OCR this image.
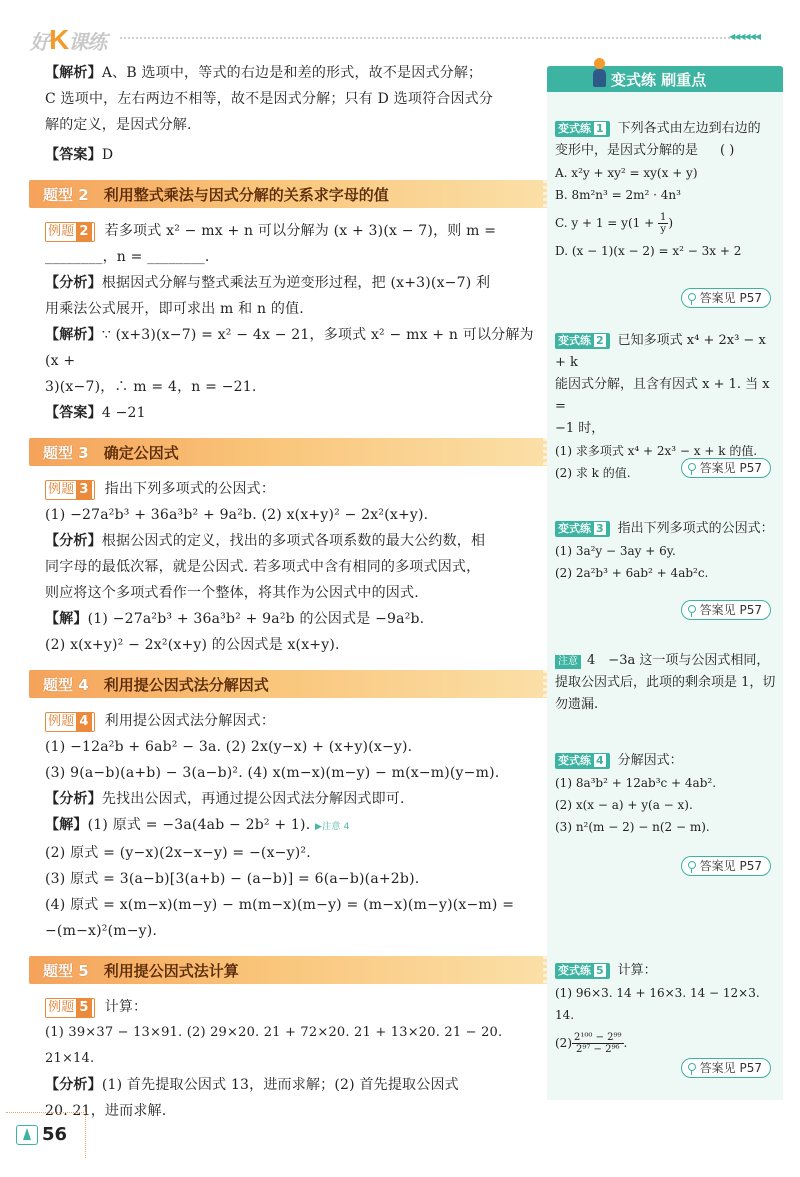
好K课练	◀◀◀◀◀◀
【解析】A、B 选项中，等式的右边是和差的形式，故不是因式分解；
C 选项中，左右两边不相等，故不是因式分解；只有 D 选项符合因式分
解的定义，是因式分解.
【答案】D
题型 2　 利用整式乘法与因式分解的关系求字母的值
例题 2 若多项式 x² − mx + n 可以分解为 (x + 3)(x − 7)，则 m =
________，n = ________.
【分析】根据因式分解与整式乘法互为逆变形过程，把 (x+3)(x−7) 利
用乘法公式展开，即可求出 m 和 n 的值.
【解析】∵ (x+3)(x−7) = x² − 4x − 21，多项式 x² − mx + n 可以分解为 (x +
3)(x−7)，∴ m = 4，n = −21.
【答案】4 −21
题型 3　 确定公因式
例题 3 指出下列多项式的公因式：
(1) −27a²b³ + 36a³b² + 9a²b. (2) x(x+y)² − 2x²(x+y).
【分析】根据公因式的定义，找出的多项式各项系数的最大公约数，相
同字母的最低次幂，就是公因式. 若多项式中含有相同的多项式因式，
则应将这个多项式看作一个整体，将其作为公因式中的因式.
【解】(1) −27a²b³ + 36a³b² + 9a²b 的公因式是 −9a²b.
(2) x(x+y)² − 2x²(x+y) 的公因式是 x(x+y).
题型 4　 利用提公因式法分解因式
例题 4 利用提公因式法分解因式：
(1) −12a²b + 6ab² − 3a. (2) 2x(y−x) + (x+y)(x−y).
(3) 9(a−b)(a+b) − 3(a−b)². (4) x(m−x)(m−y) − m(x−m)(y−m).
【分析】先找出公因式，再通过提公因式法分解因式即可.
【解】(1) 原式 = −3a(4ab − 2b² + 1). ▶注意 4
(2) 原式 = (y−x)(2x−x−y) = −(x−y)².
(3) 原式 = 3(a−b)[3(a+b) − (a−b)] = 6(a−b)(a+2b).
(4) 原式 = x(m−x)(m−y) − m(m−x)(m−y) = (m−x)(m−y)(x−m) =
−(m−x)²(m−y).
题型 5　 利用提公因式法计算
例题 5 计算：
(1) 39×37 − 13×91. (2) 29×20. 21 + 72×20. 21 + 13×20. 21 − 20. 21×14.
【分析】(1) 首先提取公因式 13，进而求解；(2) 首先提取公因式
20. 21，进而求解.
变式练 刷重点
变式练 1 下列各式由左边到右边的
变形中，是因式分解的是 ( )
A. x²y + xy² = xy(x + y)
B. 8m²n³ = 2m² · 4n³
C. $y + 1 = y(1 + \frac{1}{y}$ )
D. (x − 1)(x − 2) = x² − 3x + 2
答案见 P57
变式练 2 已知多项式 x⁴ + 2x³ − x + k
能因式分解，且含有因式 x + 1. 当 x =
−1 时，
(1) 求多项式 x⁴ + 2x³ − x + k 的值.
(2) 求 k 的值.	答案见 P57
变式练 3 指出下列多项式的公因式：
(1) 3a²y − 3ay + 6y.
(2) 2a²b³ + 6ab² + 4ab²c.
答案见 P57
注意 4　 −3a 这一项与公因式相同，
提取公因式后，此项的剩余项是 1，切
勿遗漏.
变式练 4 分解因式：
(1) 8a³b² + 12ab³c + 4ab².
(2) x(x − a) + y(a − x).
(3) n²(m − 2) − n(2 − m).
答案见 P57
变式练 5 计算：
(1) 96×3. 14 + 16×3. 14 − 12×3. 14.
$(2) \frac{\text{2¹⁰⁰ − 2⁹⁹}}{\text{2⁹⁷ − 2⁹⁶}}$ .
答案见 P57
56
